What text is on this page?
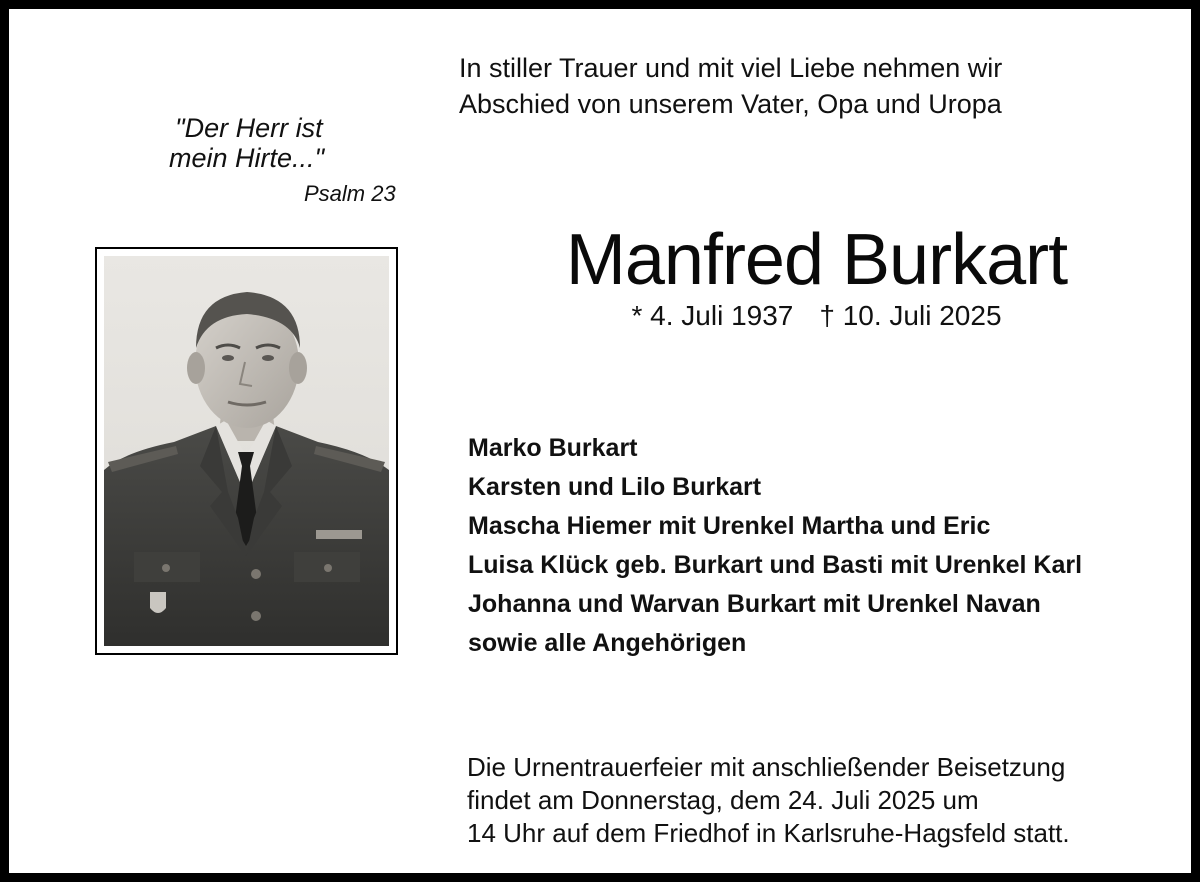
In stiller Trauer und mit viel Liebe nehmen wir
Abschied von unserem Vater, Opa und Uropa
"Der Herr ist
mein Hirte..."
Psalm 23
Manfred Burkart
* 4. Juli 1937 † 10. Juli 2025
Marko Burkart
Karsten und Lilo Burkart
Mascha Hiemer mit Urenkel Martha und Eric
Luisa Klück geb. Burkart und Basti mit Urenkel Karl
Johanna und Warvan Burkart mit Urenkel Navan
sowie alle Angehörigen
Die Urnentrauerfeier mit anschließender Beisetzung
findet am Donnerstag, dem 24. Juli 2025 um
14 Uhr auf dem Friedhof in Karlsruhe-Hagsfeld statt.
